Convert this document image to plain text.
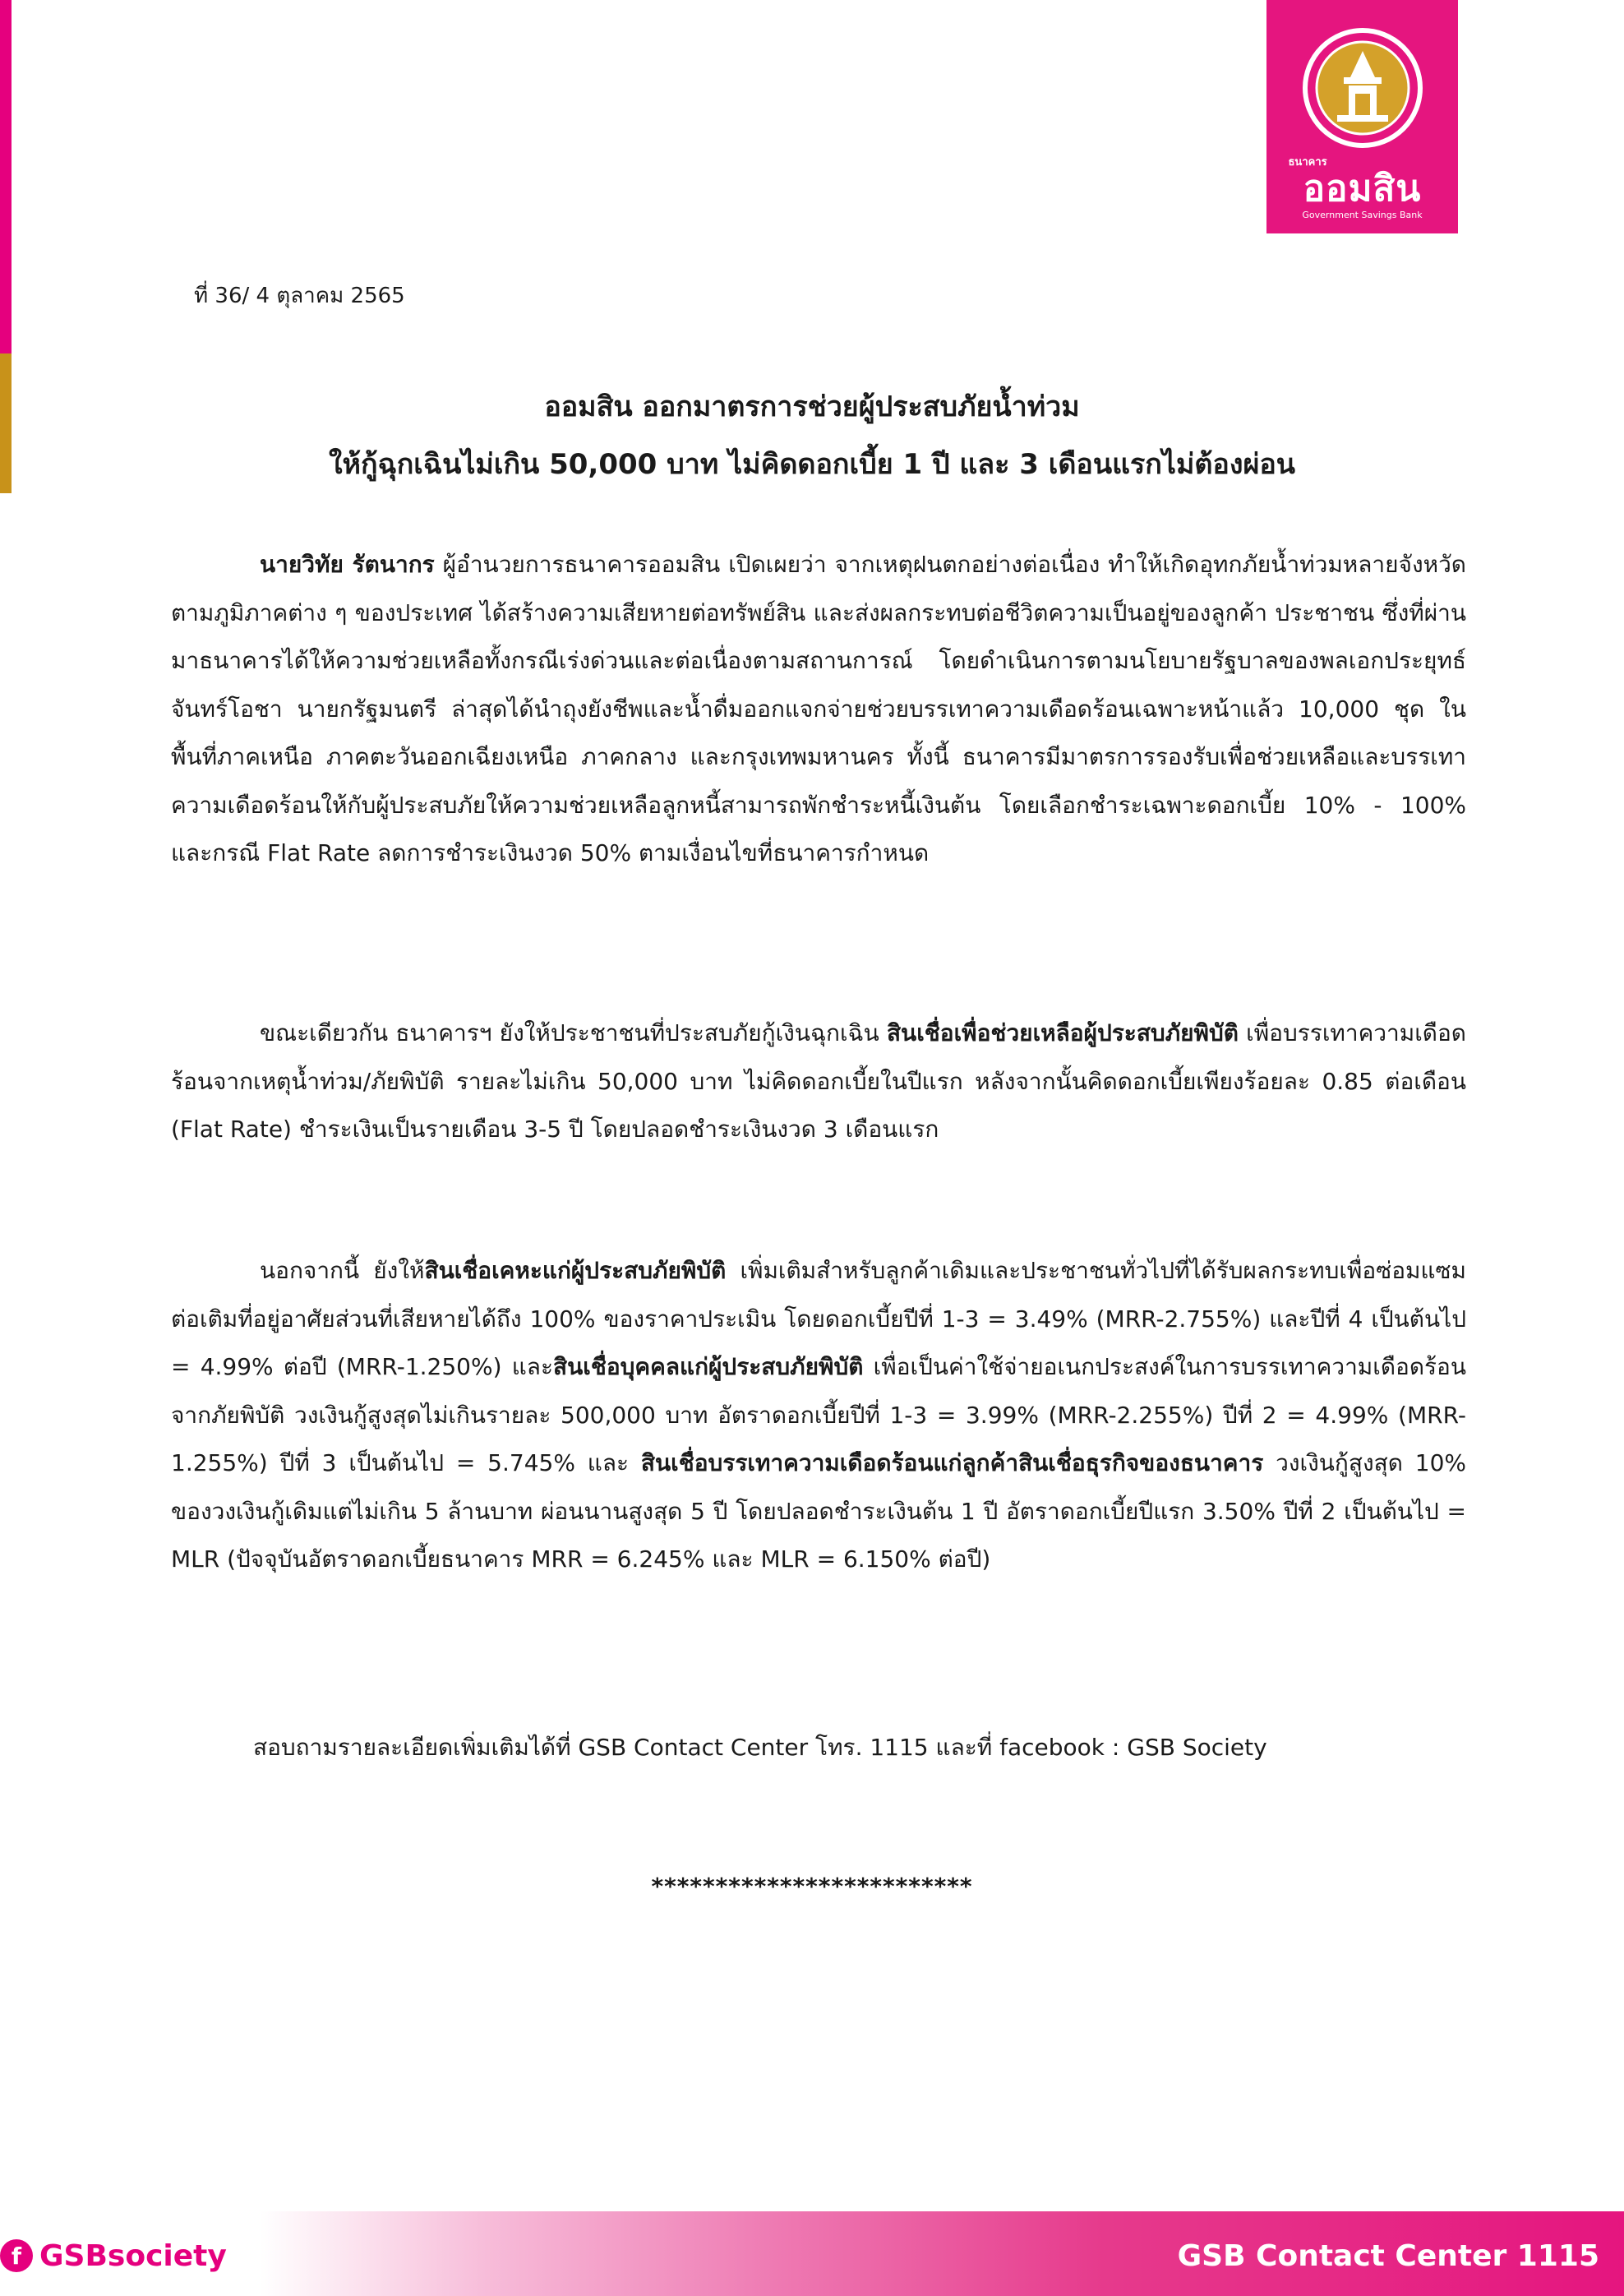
ธนาคาร
ออมสิน
Government Savings Bank
ที่ 36/ 4 ตุลาคม 2565
ออมสิน ออกมาตรการช่วยผู้ประสบภัยน้ำท่วม
ให้กู้ฉุกเฉินไม่เกิน 50,000 บาท ไม่คิดดอกเบี้ย 1 ปี และ 3 เดือนแรกไม่ต้องผ่อน

นายวิทัย รัตนากร ผู้อำนวยการธนาคารออมสิน เปิดเผยว่า จากเหตุฝนตกอย่างต่อเนื่อง ทำให้เกิดอุทกภัยน้ำท่วมหลายจังหวัดตามภูมิภาคต่าง ๆ ของประเทศ ได้สร้างความเสียหายต่อทรัพย์สิน และส่งผลกระทบต่อชีวิตความเป็นอยู่ของลูกค้า ประชาชน ซึ่งที่ผ่านมาธนาคารได้ให้ความช่วยเหลือทั้งกรณีเร่งด่วนและต่อเนื่องตามสถานการณ์ โดยดำเนินการตามนโยบายรัฐบาลของพลเอกประยุทธ์ จันทร์โอชา นายกรัฐมนตรี ล่าสุดได้นำถุงยังชีพและน้ำดื่มออกแจกจ่ายช่วยบรรเทาความเดือดร้อนเฉพาะหน้าแล้ว 10,000 ชุด ในพื้นที่ภาคเหนือ ภาคตะวันออกเฉียงเหนือ ภาคกลาง และกรุงเทพมหานคร ทั้งนี้ ธนาคารมีมาตรการรองรับเพื่อช่วยเหลือและบรรเทาความเดือดร้อนให้กับผู้ประสบภัยให้ความช่วยเหลือลูกหนี้สามารถพักชำระหนี้เงินต้น โดยเลือกชำระเฉพาะดอกเบี้ย 10% - 100% และกรณี Flat Rate ลดการชำระเงินงวด 50% ตามเงื่อนไขที่ธนาคารกำหนด

ขณะเดียวกัน ธนาคารฯ ยังให้ประชาชนที่ประสบภัยกู้เงินฉุกเฉิน สินเชื่อเพื่อช่วยเหลือผู้ประสบภัยพิบัติ เพื่อบรรเทาความเดือดร้อนจากเหตุน้ำท่วม/ภัยพิบัติ รายละไม่เกิน 50,000 บาท ไม่คิดดอกเบี้ยในปีแรก หลังจากนั้นคิดดอกเบี้ยเพียงร้อยละ 0.85 ต่อเดือน (Flat Rate) ชำระเงินเป็นรายเดือน 3-5 ปี โดยปลอดชำระเงินงวด 3 เดือนแรก

นอกจากนี้ ยังให้สินเชื่อเคหะแก่ผู้ประสบภัยพิบัติ เพิ่มเติมสำหรับลูกค้าเดิมและประชาชนทั่วไปที่ได้รับผลกระทบเพื่อซ่อมแซมต่อเติมที่อยู่อาศัยส่วนที่เสียหายได้ถึง 100% ของราคาประเมิน โดยดอกเบี้ยปีที่ 1-3 = 3.49% (MRR-2.755%) และปีที่ 4 เป็นต้นไป = 4.99% ต่อปี (MRR-1.250%) และสินเชื่อบุคคลแก่ผู้ประสบภัยพิบัติ เพื่อเป็นค่าใช้จ่ายอเนกประสงค์ในการบรรเทาความเดือดร้อนจากภัยพิบัติ วงเงินกู้สูงสุดไม่เกินรายละ 500,000 บาท อัตราดอกเบี้ยปีที่ 1-3 = 3.99% (MRR-2.255%) ปีที่ 2 = 4.99% (MRR-1.255%) ปีที่ 3 เป็นต้นไป = 5.745% และ สินเชื่อบรรเทาความเดือดร้อนแก่ลูกค้าสินเชื่อธุรกิจของธนาคาร วงเงินกู้สูงสุด 10% ของวงเงินกู้เดิมแต่ไม่เกิน 5 ล้านบาท ผ่อนนานสูงสุด 5 ปี โดยปลอดชำระเงินต้น 1 ปี อัตราดอกเบี้ยปีแรก 3.50% ปีที่ 2 เป็นต้นไป = MLR (ปัจจุบันอัตราดอกเบี้ยธนาคาร MRR = 6.245% และ MLR = 6.150% ต่อปี)

สอบถามรายละเอียดเพิ่มเติมได้ที่ GSB Contact Center โทร. 1115 และที่ facebook : GSB Society
*************************
f GSBsociety	GSB Contact Center 1115
